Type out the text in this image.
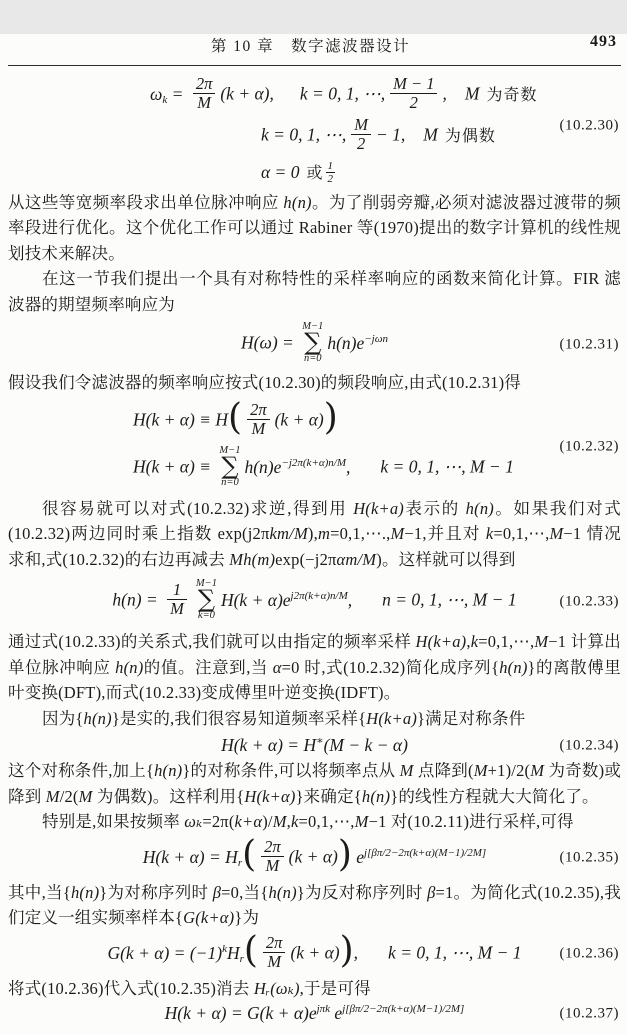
第 10 章　数字滤波器设计	493
(10.2.30)
$\omega k = \frac{2\pi}{M} (k + \alpha)$, k = 0, 1, ⋯, $\frac{M - 1}{2}$ , M 为奇数
k = 0, 1, ⋯, $\frac{M}{2} - 1$, M 为偶数
α = 0 或 $\frac{1}{2}$

从这些等宽频率段求出单位脉冲响应 h(n)。为了削弱旁瓣,必须对滤波器过渡带的频率段进行优化。这个优化工作可以通过 Rabiner 等(1970)提出的数字计算机的线性规划技术来解决。

在这一节我们提出一个具有对称特性的采样率响应的函数来简化计算。FIR 滤波器的期望频率响应为

H(ω) =
M−1
∑
n=0
$h(n)e^{-j\omega n}$	(10.2.31)

假设我们令滤波器的频率响应按式(10.2.30)的频段响应,由式(10.2.31)得

(10.2.32)
$H(k + \alpha) \equiv H( \frac{2\pi}{M} (k + \alpha))$
H(k + α) ≡
M−1
∑
n=0
$h(n)e^{-j2\pi(k+\alpha)n/M}$, k = 0, 1, ⋯, M − 1

很容易就可以对式(10.2.32)求逆,得到用 H(k+a)表示的 h(n)。如果我们对式(10.2.32)两边同时乘上指数 exp(j2πkm/M),m=0,1,⋯.,M−1,并且对 k=0,1,⋯,M−1 情况求和,式(10.2.32)的右边再减去 Mh(m)exp(−j2παm/M)。这样就可以得到

$h(n) = \frac{1}{M} M-1$
∑
k=0
$H(k + \alpha)e^{j2\pi(k+\alpha)n/M}$, n = 0, 1, ⋯, M − 1	(10.2.33)

通过式(10.2.33)的关系式,我们就可以由指定的频率采样 H(k+a),k=0,1,⋯,M−1 计算出单位脉冲响应 h(n)的值。注意到,当 α=0 时,式(10.2.32)简化成序列{h(n)}的离散傅里叶变换(DFT),而式(10.2.33)变成傅里叶逆变换(IDFT)。

因为{h(n)}是实的,我们很容易知道频率采样{H(k+a)}满足对称条件

H(k + α) = H∗(M − k − α)	(10.2.34)

这个对称条件,加上{h(n)}的对称条件,可以将频率点从 M 点降到(M+1)/2(M 为奇数)或降到 M/2(M 为偶数)。这样利用{H(k+α)}来确定{h(n)}的线性方程就大大简化了。

特别是,如果按频率 ωₖ=2π(k+α)/M,k=0,1,⋯,M−1 对(10.2.11)进行采样,可得

$H(k + \alpha) = Hr( \frac{2\pi}{M} (k + \alpha))$ $e^{j[\beta\pi/2-2\pi(k+\alpha)(M-1)/2M]}$	(10.2.35)

其中,当{h(n)}为对称序列时 β=0,当{h(n)}为反对称序列时 β=1。为简化式(10.2.35),我们定义一组实频率样本{G(k+α)}为

$G(k + \alpha) = (-1)^kHr( \frac{2\pi}{M} (k + \alpha))$, k = 0, 1, ⋯, M − 1	(10.2.36)

将式(10.2.36)代入式(10.2.35)消去 Hᵣ(ωₖ),于是可得

$H(k + \alpha) = G(k + \alpha)e^{j\pi k}$ $e^{j[\beta\pi/2-2\pi(k+\alpha)(M-1)/2M]}$	(10.2.37)
